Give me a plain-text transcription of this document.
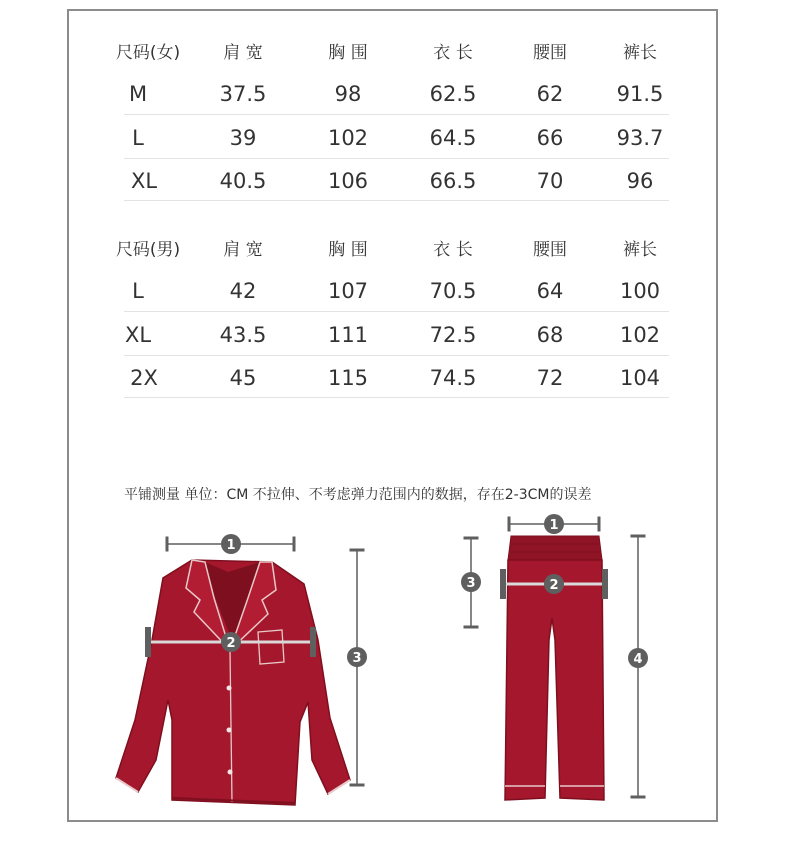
尺码(女)	肩 宽	胸 围	衣 长	腰围	裤长
M	37.5	98	62.5	62	91.5
L	39	102	64.5	66	93.7
XL	40.5	106	66.5	70	96
尺码(男)	肩 宽	胸 围	衣 长	腰围	裤长
L	42	107	70.5	64	100
XL	43.5	111	72.5	68	102
2X	45	115	74.5	72	104
平铺测量 单位：CM 不拉伸、不考虑弹力范围内的数据，存在2-3CM的误差
1
2
3
1
2
3
4
